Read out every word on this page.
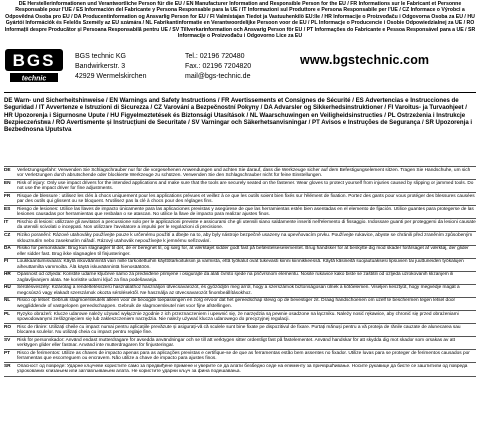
DE Herstellerinformationen und Verantwortliche Person für die EU / EN Manufacturer Information and Responsible Person for the EU / FR Informations sur le Fabricant et Personne Responsable pour l'UE / ES Información del Fabricante y Persona Responsable para la UE / IT Informazioni sul Produttore e Persona Responsabile per l'UE / CZ Informace o Výrobci a Odpovědná Osoba pro EU / DA Producentinformation og Ansvarlig Person for EU / FI Valmistajan Tiedot ja Vastuuhenkilö EU:lle / HR Informacije o Proizvođaču i Odgovorna Osoba za EU / HU Gyártói Információk és Felelős Személy az EU számára / NL Fabrikantinformatie en Verantwoordelijke Persoon voor de EU / PL Informacje o Producencie i Osobie Odpowiedzialnej za UE / RO Informații despre Producător și Persoana Responsabilă pentru UE / SV Tillverkarinformation och Ansvarig Person för EU / PT Informações do Fabricante e Pessoa Responsável para a UE / SR Informacije o Proizvođaču i Odgovorno Lice za EU
BGS
technic
BGS technic KG
Bandwirkerstr. 3
42929 Wermelskirchen
Tel.: 02196 720480
Fax.: 02196 7204820
mail@bgs-technic.de
www.bgstechnic.com
DE Warn- und Sicherheitshinweise / EN Warnings and Safety Instructions / FR Avertissements et Consignes de Sécurité / ES Advertencias e Instrucciones de Seguridad / IT Avvertenze e Istruzioni di Sicurezza / CZ Varování a Bezpečnostní Pokyny / DA Advarsler og Sikkerhedsinstruktioner / FI Varoitus- ja Turvaohjeet / HR Upozorenja i Sigurnosne Upute / HU Figyelmeztetések és Biztonsági Utasítások / NL Waarschuwingen en Veiligheidsinstructies / PL Ostrzeżenia i Instrukcje Bezpieczeństwa / RO Avertismente și Instrucțiuni de Securitate / SV Varningar och Säkerhetsanvisningar / PT Avisos e Instruções de Segurança / SR Upozorenja i Bezbednosna Uputstva
DE	Verletzungsgefahr: Verwenden Sie Schlagschrauber nur für die vorgesehenen Anwendungen und achten Sie darauf, dass die Werkzeuge sicher auf dem Befestigungselement sitzen. Tragen Sie Handschuhe, um sich vor Verletzungen durch abrutschende oder blockierte Werkzeuge zu schützen. Verwenden Sie den Schlagschrauber nicht für feine Einstellungen.
EN	Risk of injury: Only use impact drivers for the intended applications and make sure that the tools are securely seated on the fastener. Wear gloves to protect yourself from injuries caused by slipping or jammed tools. Do not use the impact driver for fine adjustments.
FR	Risque de blessure : utilisez les clés à chocs uniquement pour les applications prévues et veillez à ce que les outils soient bien fixés sur l'élément de fixation. Portez des gants pour vous protéger des blessures causées par des outils qui glissent ou se bloquent. N'utilisez pas la clé à chocs pour des réglages fins.
ES	Riesgo de lesiones: Utilice las llaves de impacto únicamente para las aplicaciones previstas y asegúrese de que las herramientas estén bien asentadas en el elemento de fijación. Utilice guantes para protegerse de las lesiones causadas por herramientas que resbalan o se atascan. No utilice la llave de impacto para realizar ajustes finos.
IT	Rischio di lesioni: utilizzare gli avvitatori a percussione solo per le applicazioni previste e assicurarsi che gli utensili siano saldamente inseriti nell'elemento di fissaggio. Indossare guanti per proteggersi da lesioni causate da utensili scivolati o inceppati. Non utilizzare l'avvitatore a impulsi per le regolazioni di precisione.
CZ	Riziko poranění: Rázové utahováky používejte pouze k určenému použití a dbejte na to, aby byly nástroje bezpečně usazeny na upevňovacím prvku. Používejte rukavice, abyste se chránili před zraněním způsobeným sklouznutím nebo zaseknutím nářadí. Rázový utahovák nepoužívejte k jemnému seřizování.
DA	Risiko for personskade: Brug kun slagnøgler til det, de er beregnet til, og sørg for, at værktøjet sidder godt fast på befæstelseselementet. Brug handsker for at beskytte dig mod skader forårsaget af værktøj, der glider eller sidder fast. Brug ikke slagnøglen til finjusteringer.
FI	Loukkaantumisvaara: Käytä iskuväännintä vain niille tarkoitettuihin käyttötarkoituksiin ja varmista, että työkalut ovat tukevasti kiinni kiinnikkeessä. Käytä käsineitä suojautuaksesi lipsuvien tai juuttuneiden työkalujen aiheuttamilta vammoilta. Älä käytä iskuväännintä hienosäätöön.
HR	Opasnost od ozljeda: Koristite udarne ključeve samo za predviđene primjene i osigurajte da alati čvrsto sjede na pričvrsnom elementu. Nosite rukavice kako biste se zaštitili od ozljeda uzrokovanih klizanjem ili zaglavljivanjem alata. Ne koristite udarni ključ za fina podešavanja.
HU	Sérülésveszély: Kizárólag a rendeltetésszerű használathoz használjon ütvecsavarozót, és győződjön meg arról, hogy a szerszámok biztonságosan ülnek a kötőelemen. Viseljen kesztyűt, hogy megvédje magát a megcsúszó vagy elakadt szerszámok okozta sérülésektől. Ne használja az ütvecsavarozót finombeállításokhoz.
NL	Risico op letsel: Gebruik slagmoersleutels alleen voor de beoogde toepassingen en zorg ervoor dat het gereedschap stevig op de bevestiger zit. Draag handschoenen om uzelf te beschermen tegen letsel door weggliddende of vastgelopen gereedschappen. Gebruik de slagmoersleutel niet voor fijne afstellingen.
PL	Ryzyko obrażeń: Klucze udarowe należy używać wyłącznie zgodnie z ich przeznaczeniem i upewnić się, że narzędzia są pewnie osadzone na łączniku. Należy nosić rękawice, aby chronić się przed obrażeniami spowodowanymi ześlizgnięciem się lub zakleszczeniem narzędzia. Nie należy używać klucza udarowego do precyzyjnej regulacji.
RO	Risc de rănire: Utilizați cheile cu impact numai pentru aplicațiile prevăzute și asigurați-vă că sculele sunt bine fixate pe dispozitivul de fixare. Purtați mănuși pentru a vă proteja de rănile cauzate de alunecarea sau blocarea sculelor. Nu utilizați cheia cu impact pentru reglaje fine.
SV	Risk för personskador: Använd endast mutterdragare för avsedda användningar och se till att verktygen sitter ordentligt fast på fästelementet. Använd handskar för att skydda dig mot skador som orsakas av att verktygen glider eller fastnar. Använd inte mutterdragaren för finjusteringar.
PT	Risco de ferimentos: Utilize as chaves de impacto apenas para as aplicações previstas e certifique-se de que as ferramentas estão bem assentes no fixador. Utilize luvas para se proteger de ferimentos causados por ferramentas que escorreguem ou encravem. Não utilize a chave de impacto para ajustes finos.
SR	Опасност од повреде: Ударне кључеве користите само за предвиђене примене и уверите се да алати безбедно седе на елементу за причвршћивање. Носите рукавице да бисте се заштитили од повреда узрокованих клизањем или заглављивањем алата. Не користите ударни кључ за фина подешавања.
